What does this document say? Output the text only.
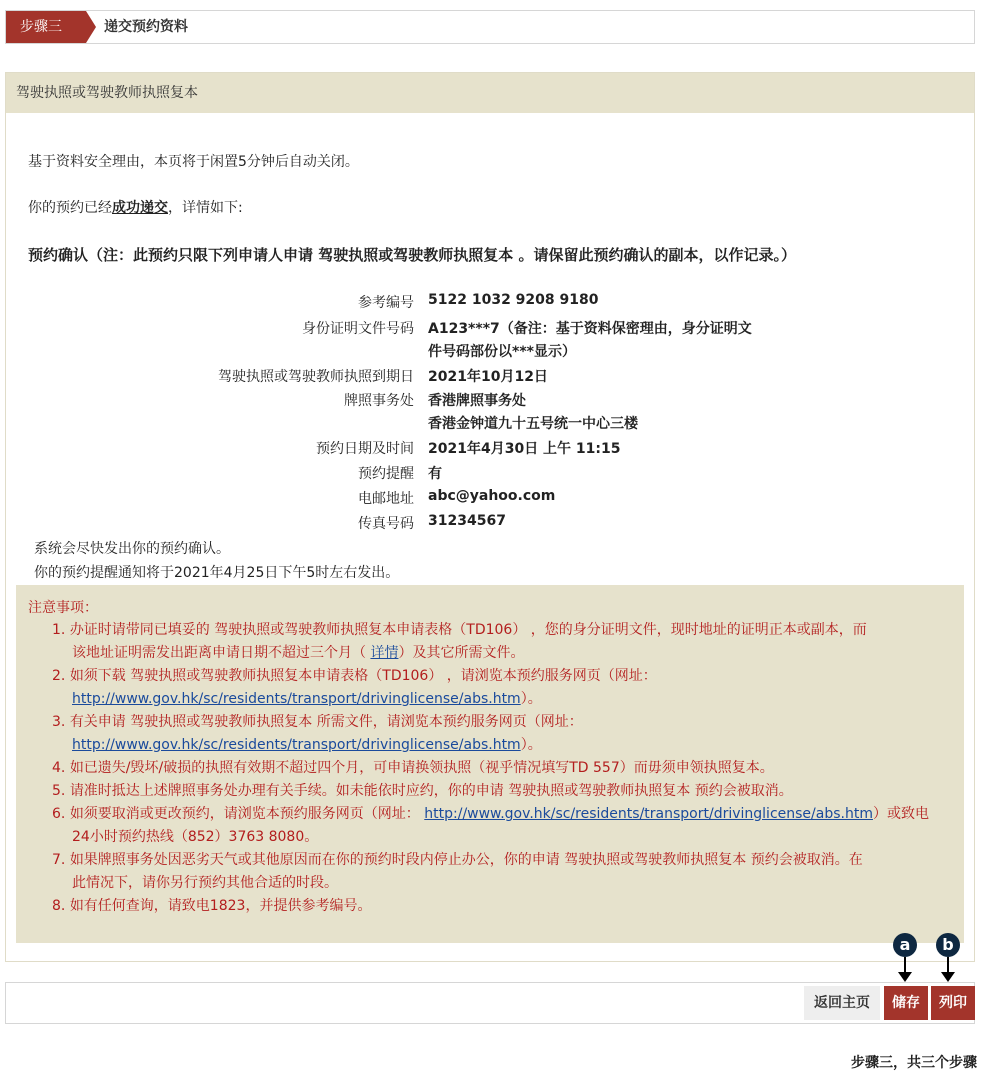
步骤三	递交预约资料
驾驶执照或驾驶教师执照复本
基于资料安全理由，本页将于闲置5分钟后自动关闭。
你的预约已经成功递交，详情如下:
预约确认（注：此预约只限下列申请人申请 驾驶执照或驾驶教师执照复本 。请保留此预约确认的副本，以作记录。）
参考编号 5122 1032 9208 9180
身份证明文件号码 A123***7（备注：基于资料保密理由，身分证明文
件号码部份以***显示）
驾驶执照或驾驶教师执照到期日 2021年10月12日
牌照事务处 香港牌照事务处
香港金钟道九十五号统一中心三楼
预约日期及时间 2021年4月30日 上午 11:15
预约提醒 有
电邮地址 abc@yahoo.com
传真号码 31234567
系统会尽快发出你的预约确认。
你的预约提醒通知将于2021年4月25日下午5时左右发出。
注意事项：
1. 办证时请带同已填妥的 驾驶执照或驾驶教师执照复本申请表格（TD106） ，您的身分证明文件，现时地址的证明正本或副本，而
该地址证明需发出距离申请日期不超过三个月（ 详情）及其它所需文件。
2. 如须下载 驾驶执照或驾驶教师执照复本申请表格（TD106） ，请浏览本预约服务网页（网址：
http://www.gov.hk/sc/residents/transport/drivinglicense/abs.htm）。
3. 有关申请 驾驶执照或驾驶教师执照复本 所需文件，请浏览本预约服务网页（网址：
http://www.gov.hk/sc/residents/transport/drivinglicense/abs.htm）。
4. 如已遗失/毁坏/破损的执照有效期不超过四个月，可申请换领执照（视乎情况填写TD 557）而毋须申领执照复本。
5. 请准时抵达上述牌照事务处办理有关手续。如未能依时应约，你的申请 驾驶执照或驾驶教师执照复本 预约会被取消。
6. 如须要取消或更改预约，请浏览本预约服务网页（网址： http://www.gov.hk/sc/residents/transport/drivinglicense/abs.htm）或致电
24小时预约热线（852）3763 8080。
7. 如果牌照事务处因恶劣天气或其他原因而在你的预约时段内停止办公，你的申请 驾驶执照或驾驶教师执照复本 预约会被取消。在
此情况下，请你另行预约其他合适的时段。
8. 如有任何查询，请致电1823，并提供参考编号。
a	b
返回主页	储存	列印
步骤三，共三个步骤
